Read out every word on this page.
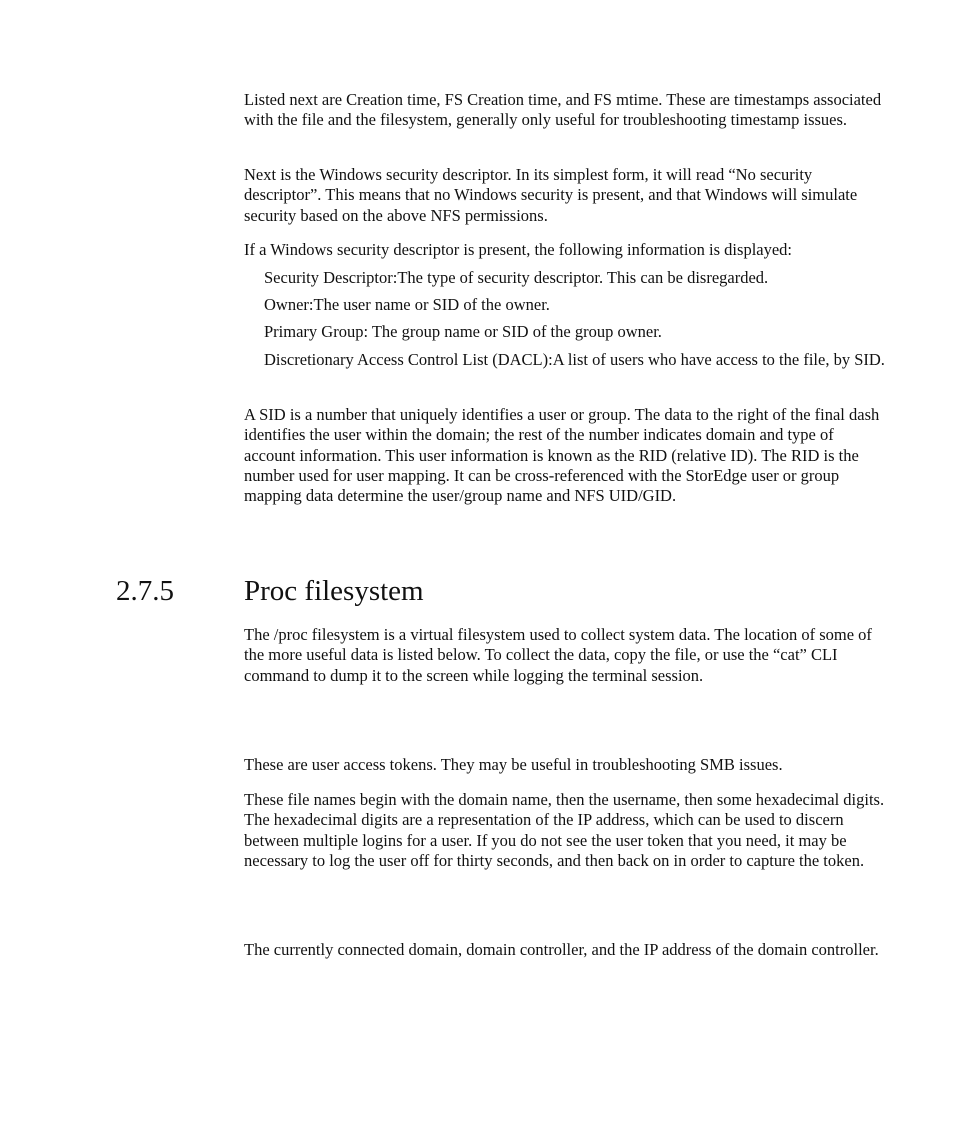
Listed next are Creation time, FS Creation time, and FS mtime. These are timestamps associated with the file and the filesystem, generally only useful for troubleshooting timestamp issues.

Next is the Windows security descriptor. In its simplest form, it will read “No security descriptor”. This means that no Windows security is present, and that Windows will simulate security based on the above NFS permissions.

If a Windows security descriptor is present, the following information is displayed:

Security Descriptor:The type of security descriptor. This can be disregarded.

Owner:The user name or SID of the owner.

Primary Group: The group name or SID of the group owner.

Discretionary Access Control List (DACL):A list of users who have access to the file, by SID.

A SID is a number that uniquely identifies a user or group. The data to the right of the final dash identifies the user within the domain; the rest of the number indicates domain and type of account information. This user information is known as the RID (relative ID). The RID is the number used for user mapping. It can be cross-referenced with the StorEdge user or group mapping data determine the user/group name and NFS UID/GID.

2.7.5 Proc filesystem

The /proc filesystem is a virtual filesystem used to collect system data. The location of some of the more useful data is listed below. To collect the data, copy the file, or use the “cat” CLI command to dump it to the screen while logging the terminal session.

These are user access tokens. They may be useful in troubleshooting SMB issues.

These file names begin with the domain name, then the username, then some hexadecimal digits. The hexadecimal digits are a representation of the IP address, which can be used to discern between multiple logins for a user. If you do not see the user token that you need, it may be necessary to log the user off for thirty seconds, and then back on in order to capture the token.

The currently connected domain, domain controller, and the IP address of the domain controller.
